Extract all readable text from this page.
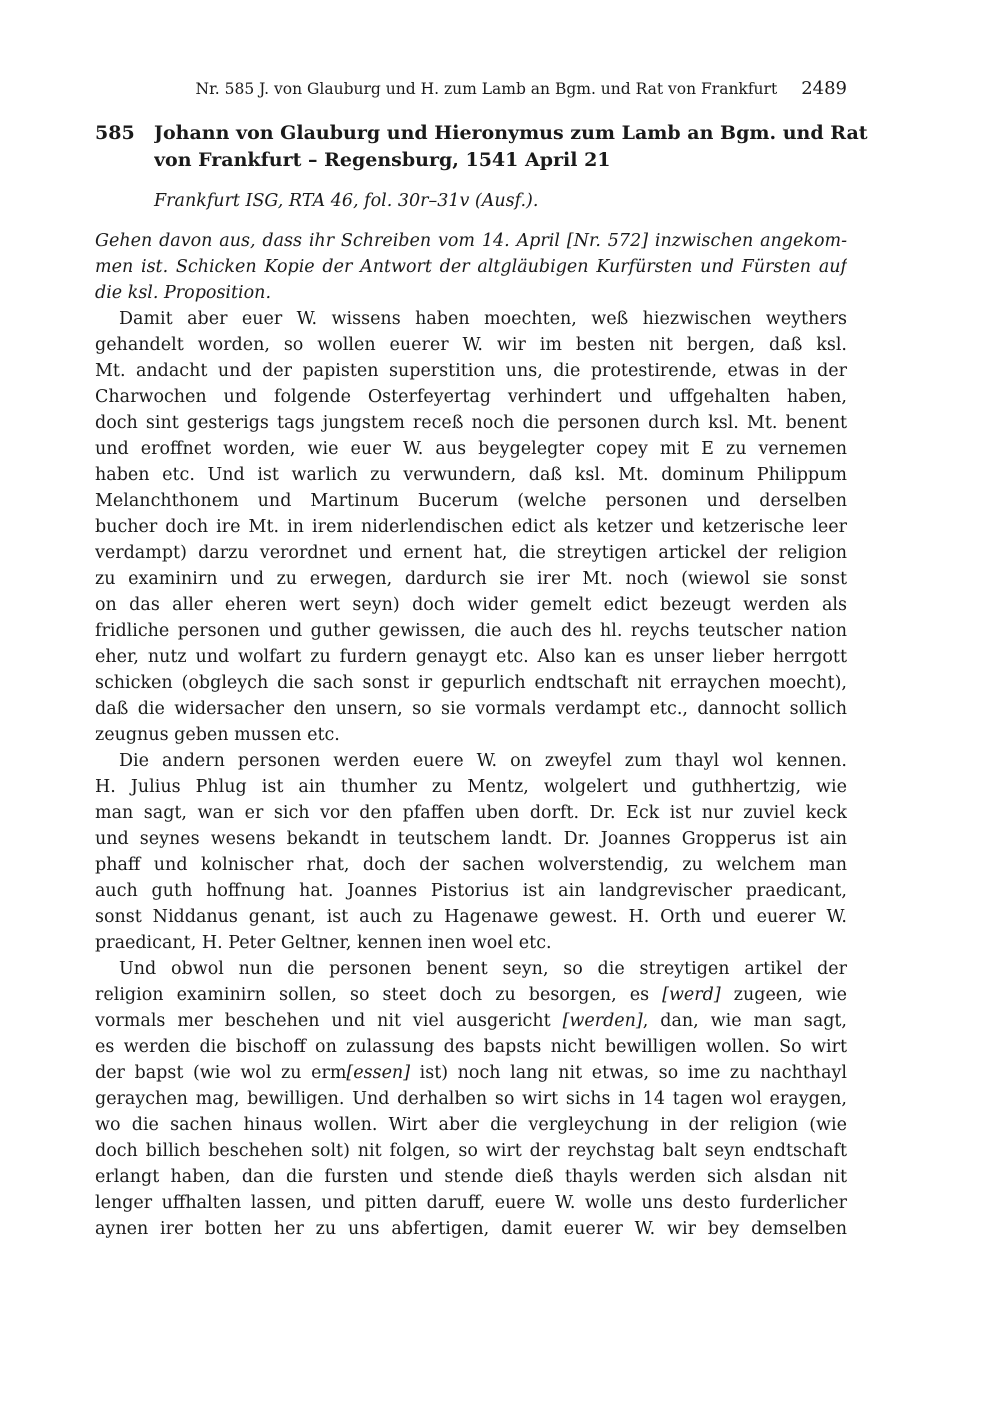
Nr. 585 J. von Glauburg und H. zum Lamb an Bgm. und Rat von Frankfurt 2489
585	Johann von Glauburg und Hieronymus zum Lamb an Bgm. und Rat
von Frankfurt – Regensburg, 1541 April 21
Frankfurt ISG, RTA 46, fol. 30r–31v (Ausf.).
Gehen davon aus, dass ihr Schreiben vom 14. April [Nr. 572] inzwischen angekom-
men ist. Schicken Kopie der Antwort der altgläubigen Kurfürsten und Fürsten auf
die ksl. Proposition.
Damit aber euer W. wissens haben moechten, weß hiezwischen weythers
gehandelt worden, so wollen euerer W. wir im besten nit bergen, daß ksl.
Mt. andacht und der papisten superstition uns, die protestirende, etwas in der
Charwochen und folgende Osterfeyertag verhindert und uffgehalten haben,
doch sint gesterigs tags jungstem receß noch die personen durch ksl. Mt. benent
und eroffnet worden, wie euer W. aus beygelegter copey mit E zu vernemen
haben etc. Und ist warlich zu verwundern, daß ksl. Mt. dominum Philippum
Melanchthonem und Martinum Bucerum (welche personen und derselben
bucher doch ire Mt. in irem niderlendischen edict als ketzer und ketzerische leer
verdampt) darzu verordnet und ernent hat, die streytigen artickel der religion
zu examinirn und zu erwegen, dardurch sie irer Mt. noch (wiewol sie sonst
on das aller eheren wert seyn) doch wider gemelt edict bezeugt werden als
fridliche personen und guther gewissen, die auch des hl. reychs teutscher nation
eher, nutz und wolfart zu furdern genaygt etc. Also kan es unser lieber herrgott
schicken (obgleych die sach sonst ir gepurlich endtschaft nit erraychen moecht),
daß die widersacher den unsern, so sie vormals verdampt etc., dannocht sollich
zeugnus geben mussen etc.
Die andern personen werden euere W. on zweyfel zum thayl wol kennen.
H. Julius Phlug ist ain thumher zu Mentz, wolgelert und guthhertzig, wie
man sagt, wan er sich vor den pfaffen uben dorft. Dr. Eck ist nur zuviel keck
und seynes wesens bekandt in teutschem landt. Dr. Joannes Gropperus ist ain
phaff und kolnischer rhat, doch der sachen wolverstendig, zu welchem man
auch guth hoffnung hat. Joannes Pistorius ist ain landgrevischer praedicant,
sonst Niddanus genant, ist auch zu Hagenawe gewest. H. Orth und euerer W.
praedicant, H. Peter Geltner, kennen inen woel etc.
Und obwol nun die personen benent seyn, so die streytigen artikel der
religion examinirn sollen, so steet doch zu besorgen, es [werd] zugeen, wie
vormals mer beschehen und nit viel ausgericht [werden], dan, wie man sagt,
es werden die bischoff on zulassung des bapsts nicht bewilligen wollen. So wirt
der bapst (wie wol zu erm[essen] ist) noch lang nit etwas, so ime zu nachthayl
geraychen mag, bewilligen. Und derhalben so wirt sichs in 14 tagen wol eraygen,
wo die sachen hinaus wollen. Wirt aber die vergleychung in der religion (wie
doch billich beschehen solt) nit folgen, so wirt der reychstag balt seyn endtschaft
erlangt haben, dan die fursten und stende dieß thayls werden sich alsdan nit
lenger uffhalten lassen, und pitten daruff, euere W. wolle uns desto furderlicher
aynen irer botten her zu uns abfertigen, damit euerer W. wir bey demselben
